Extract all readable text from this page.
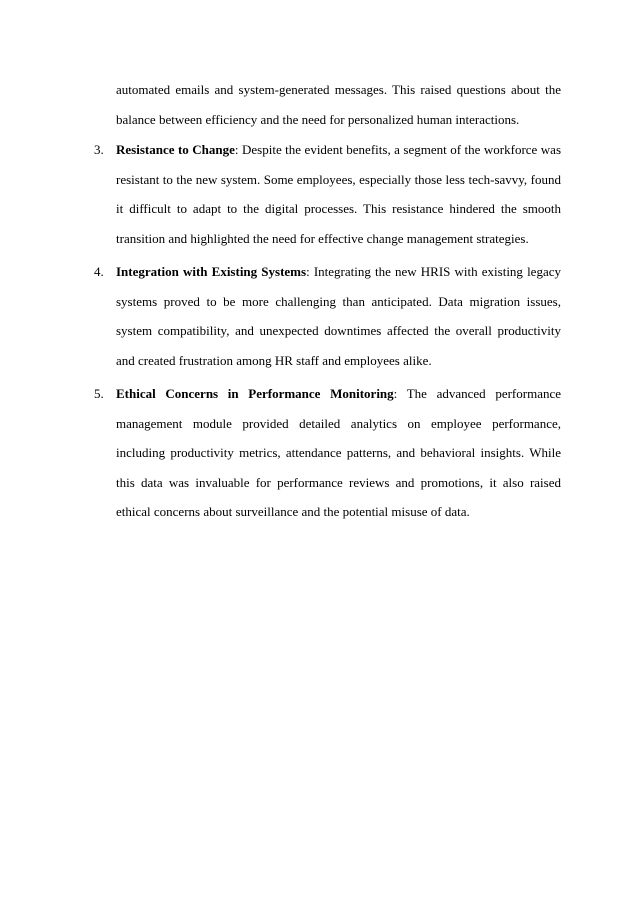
automated emails and system-generated messages. This raised questions about the balance between efficiency and the need for personalized human interactions.

3. Resistance to Change: Despite the evident benefits, a segment of the workforce was resistant to the new system. Some employees, especially those less tech-savvy, found it difficult to adapt to the digital processes. This resistance hindered the smooth transition and highlighted the need for effective change management strategies.

4. Integration with Existing Systems: Integrating the new HRIS with existing legacy systems proved to be more challenging than anticipated. Data migration issues, system compatibility, and unexpected downtimes affected the overall productivity and created frustration among HR staff and employees alike.

5. Ethical Concerns in Performance Monitoring: The advanced performance management module provided detailed analytics on employee performance, including productivity metrics, attendance patterns, and behavioral insights. While this data was invaluable for performance reviews and promotions, it also raised ethical concerns about surveillance and the potential misuse of data.
